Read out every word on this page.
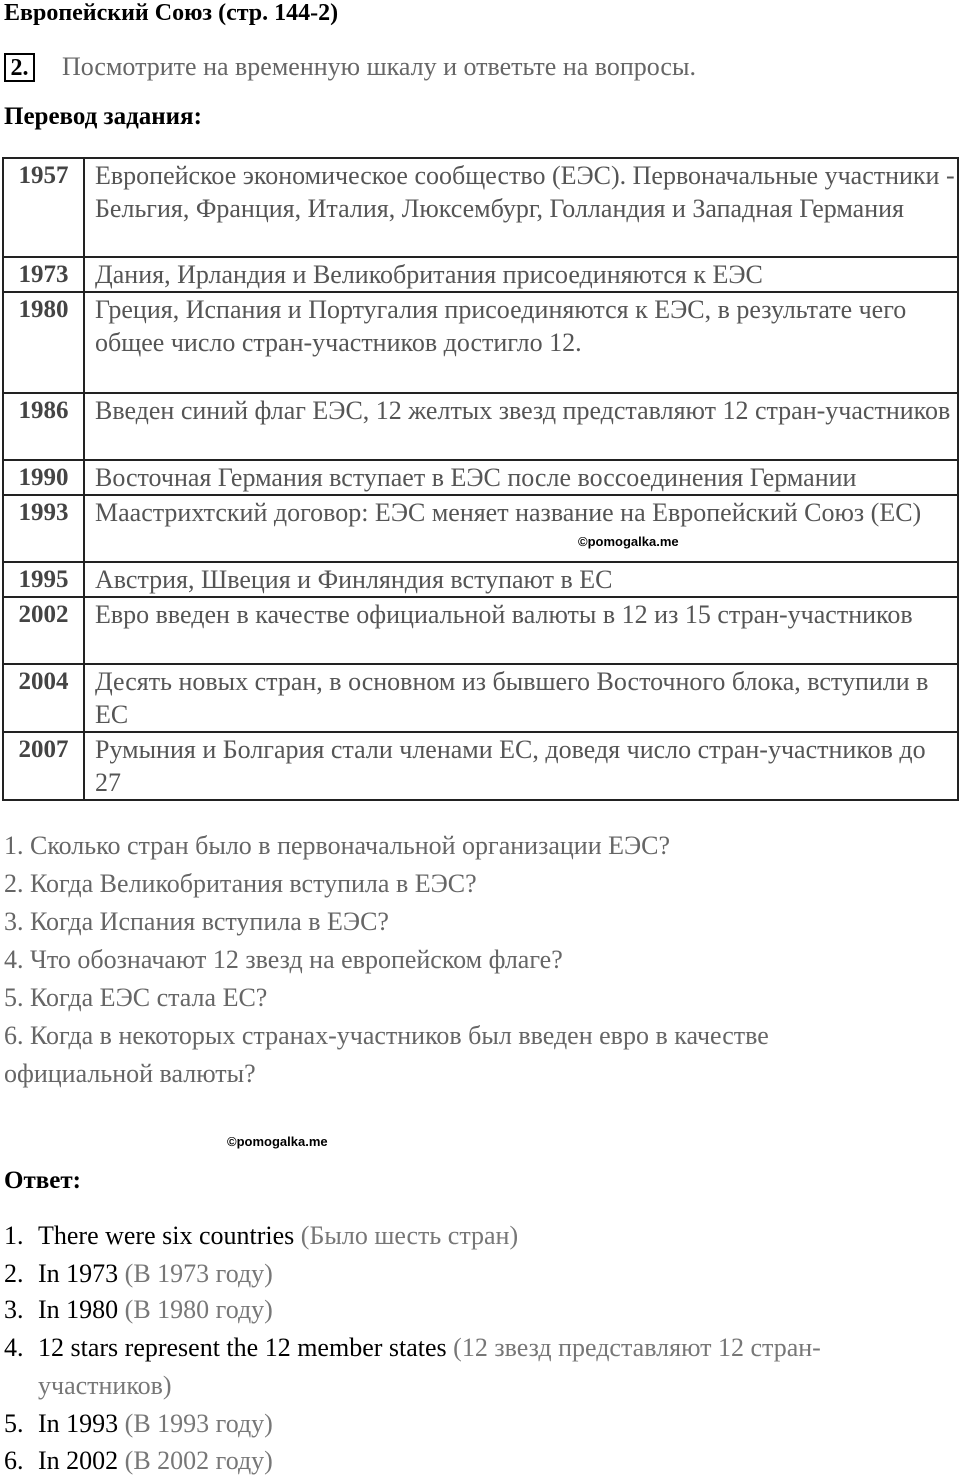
Европейский Союз (стр. 144-2)
2. Посмотрите на временную шкалу и ответьте на вопросы.
Перевод задания:
1957	Европейское экономическое сообщество (ЕЭС). Первоначальные участники - Бельгия, Франция, Италия, Люксембург, Голландия и Западная Германия
1973	Дания, Ирландия и Великобритания присоединяются к ЕЭС
1980	Греция, Испания и Португалия присоединяются к ЕЭС, в результате чего общее число стран-участников достигло 12.
1986	Введен синий флаг ЕЭС, 12 желтых звезд представляют 12 стран-участников
1990	Восточная Германия вступает в ЕЭС после воссоединения Германии
1993	Маастрихтский договор: ЕЭС меняет название на Европейский Союз (ЕС)
1995	Австрия, Швеция и Финляндия вступают в ЕС
2002	Евро введен в качестве официальной валюты в 12 из 15 стран-участников
2004	Десять новых стран, в основном из бывшего Восточного блока, вступили в ЕС
2007	Румыния и Болгария стали членами ЕС, доведя число стран-участников до 27
©pomogalka.me
1. Сколько стран было в первоначальной организации ЕЭС?
2. Когда Великобритания вступила в ЕЭС?
3. Когда Испания вступила в ЕЭС?
4. Что обозначают 12 звезд на европейском флаге?
5. Когда ЕЭС стала ЕС?
6. Когда в некоторых странах-участников был введен евро в качестве
официальной валюты?
©pomogalka.me
Ответ:
1. There were six countries (Было шесть стран)
2. In 1973 (В 1973 году)
3. In 1980 (В 1980 году)
4. 12 stars represent the 12 member states (12 звезд представляют 12 стран-
участников)
5. In 1993 (В 1993 году)
6. In 2002 (В 2002 году)
